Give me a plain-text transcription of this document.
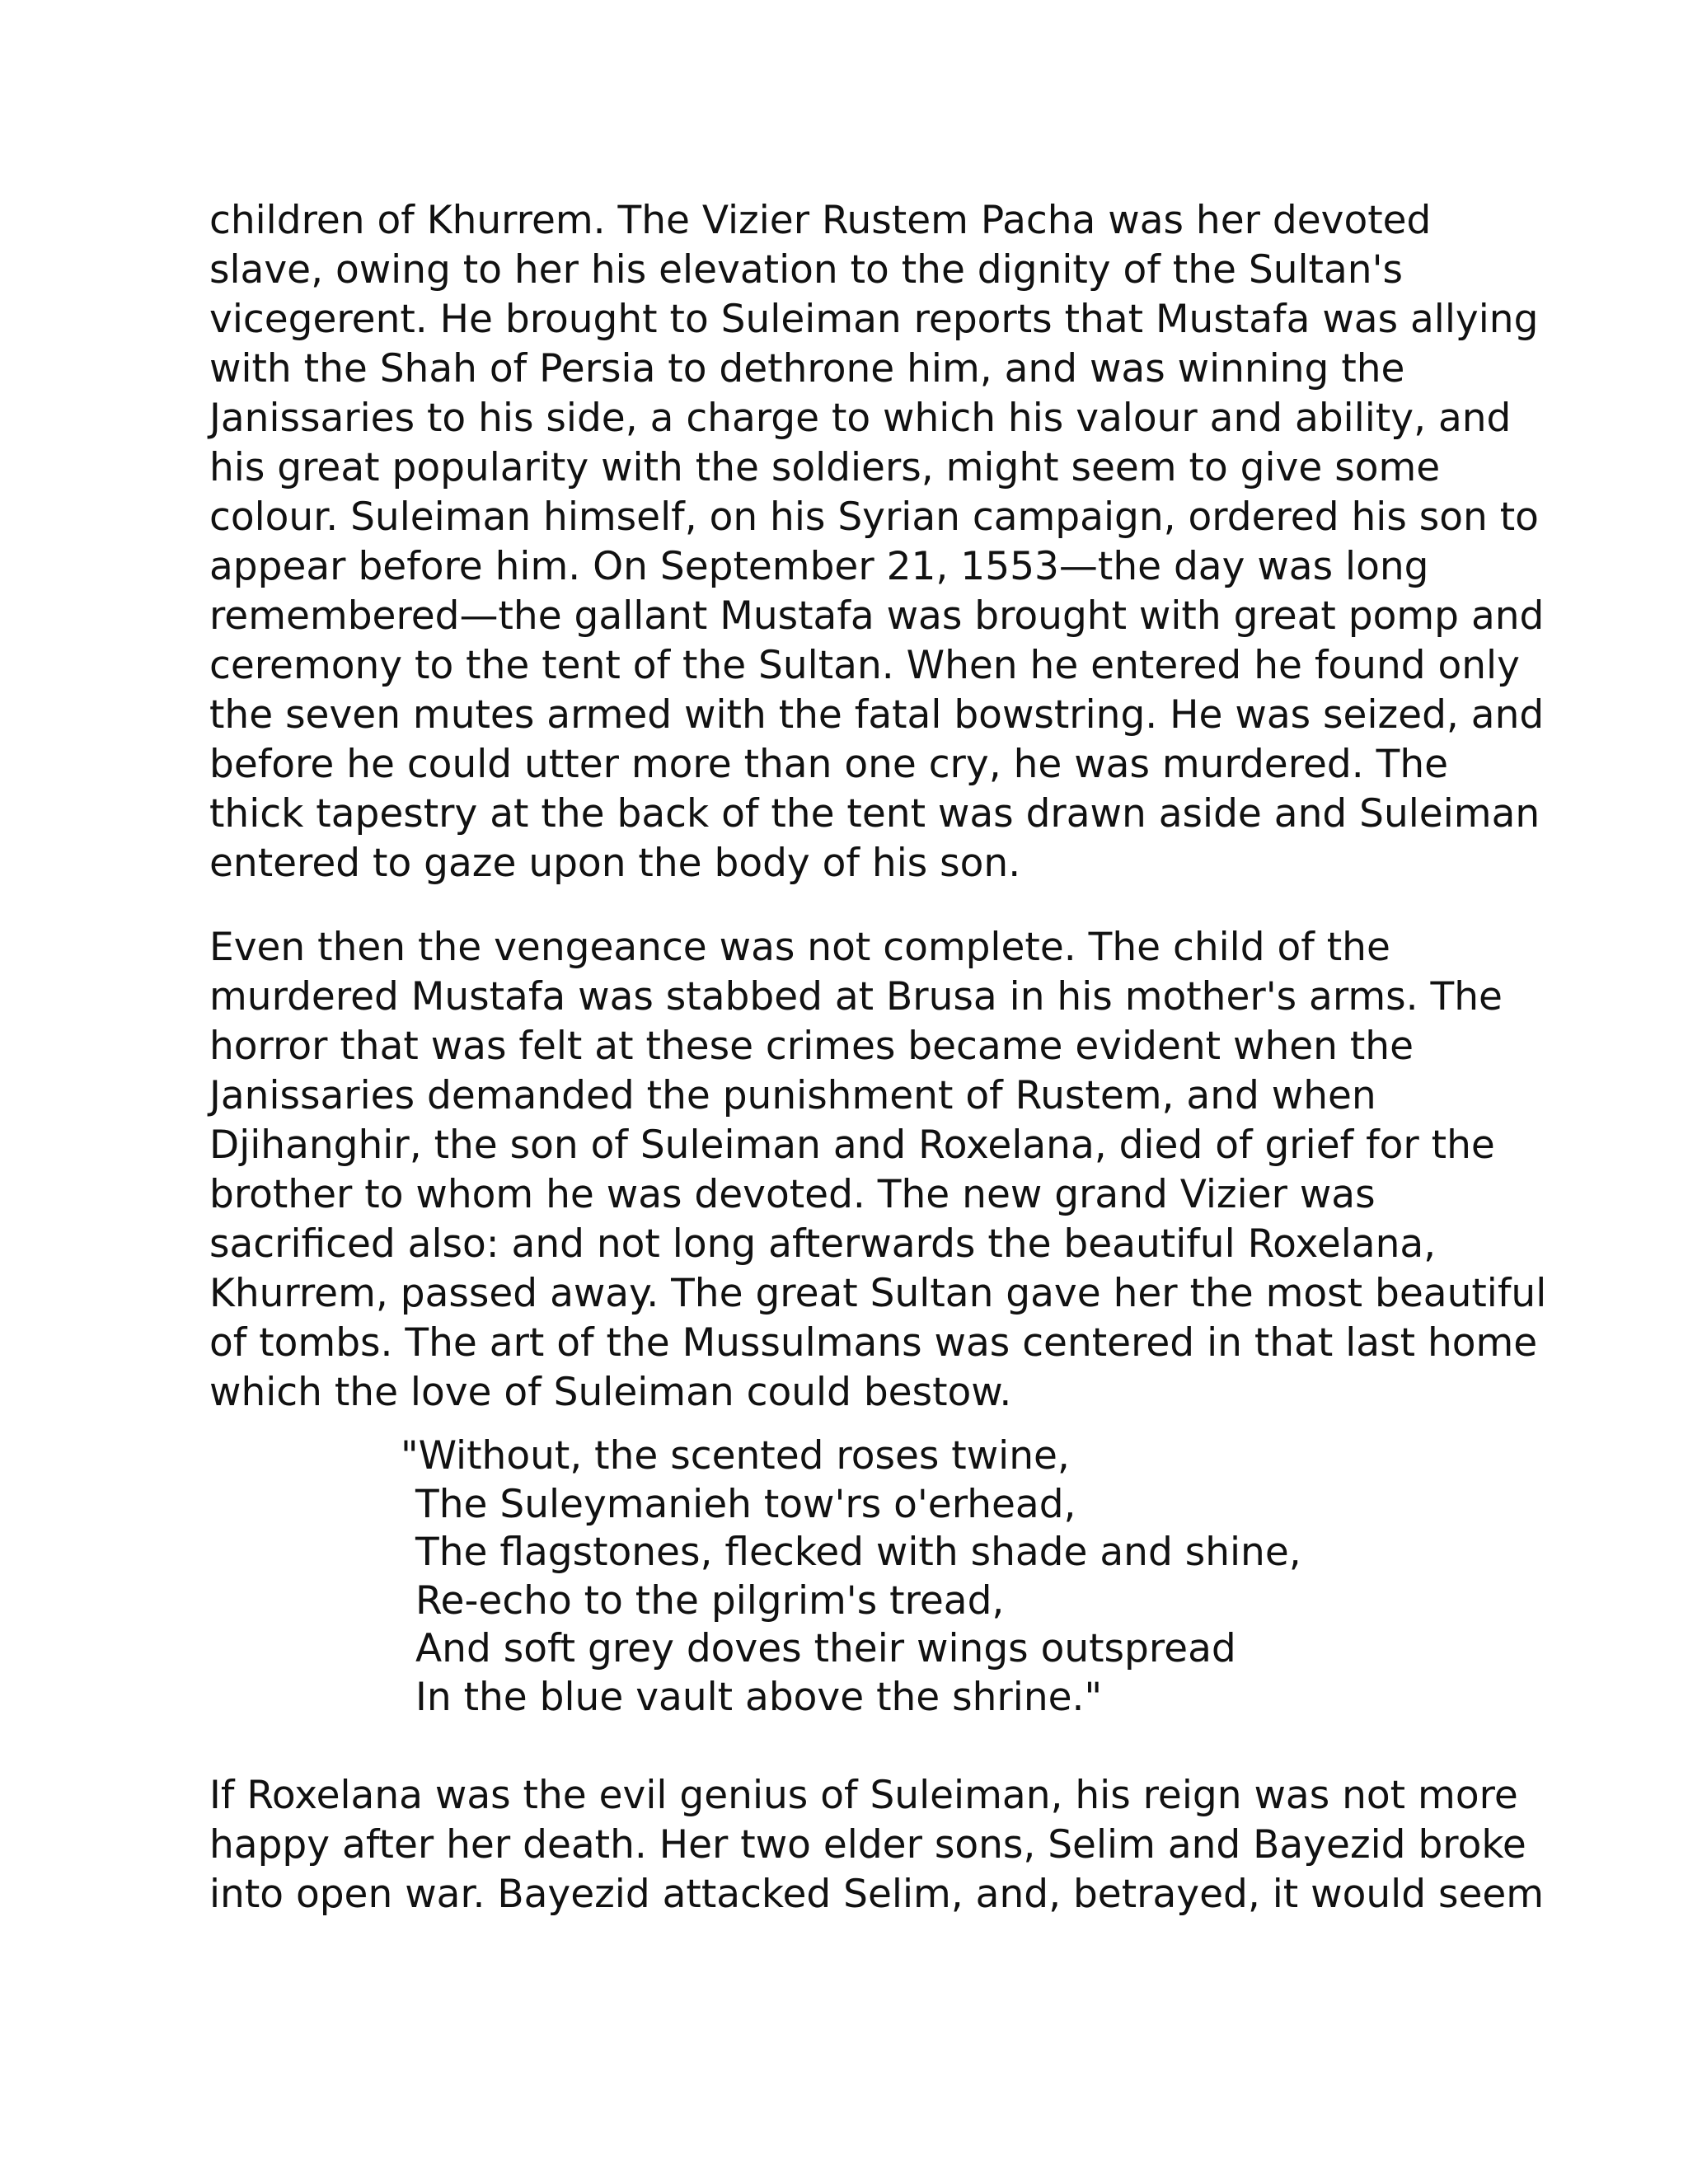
children of Khurrem. The Vizier Rustem Pacha was her devoted
slave, owing to her his elevation to the dignity of the Sultan's
vicegerent. He brought to Suleiman reports that Mustafa was allying
with the Shah of Persia to dethrone him, and was winning the
Janissaries to his side, a charge to which his valour and ability, and
his great popularity with the soldiers, might seem to give some
colour. Suleiman himself, on his Syrian campaign, ordered his son to
appear before him. On September 21, 1553—the day was long
remembered—the gallant Mustafa was brought with great pomp and
ceremony to the tent of the Sultan. When he entered he found only
the seven mutes armed with the fatal bowstring. He was seized, and
before he could utter more than one cry, he was murdered. The
thick tapestry at the back of the tent was drawn aside and Suleiman
entered to gaze upon the body of his son.

Even then the vengeance was not complete. The child of the
murdered Mustafa was stabbed at Brusa in his mother's arms. The
horror that was felt at these crimes became evident when the
Janissaries demanded the punishment of Rustem, and when
Djihanghir, the son of Suleiman and Roxelana, died of grief for the
brother to whom he was devoted. The new grand Vizier was
sacrificed also: and not long afterwards the beautiful Roxelana,
Khurrem, passed away. The great Sultan gave her the most beautiful
of tombs. The art of the Mussulmans was centered in that last home
which the love of Suleiman could bestow.

"Without, the scented roses twine,
The Suleymanieh tow'rs o'erhead,
The flagstones, flecked with shade and shine,
Re-echo to the pilgrim's tread,
And soft grey doves their wings outspread
In the blue vault above the shrine."

If Roxelana was the evil genius of Suleiman, his reign was not more
happy after her death. Her two elder sons, Selim and Bayezid broke
into open war. Bayezid attacked Selim, and, betrayed, it would seem
